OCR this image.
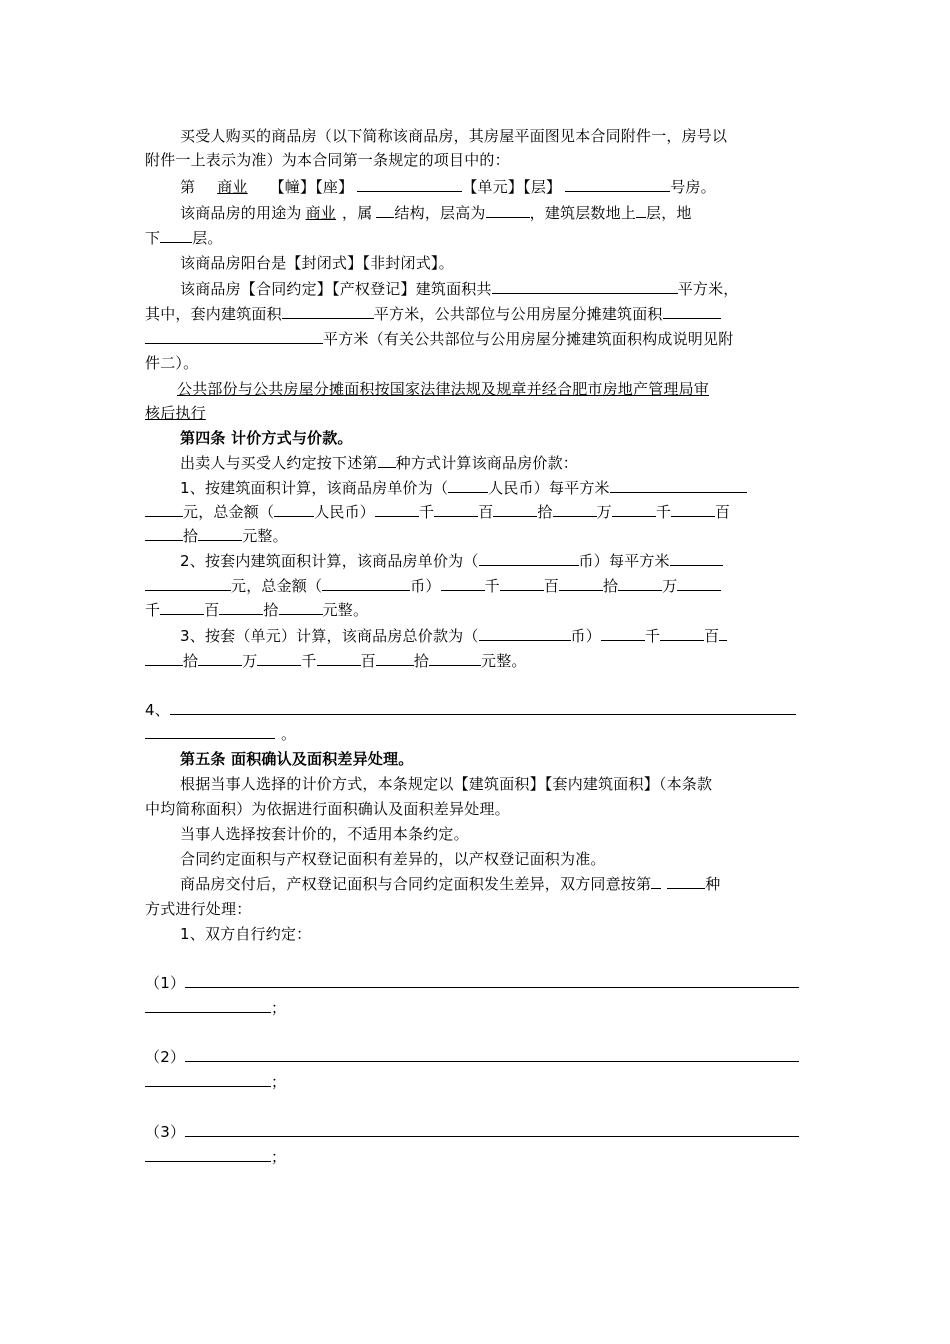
买受人购买的商品房（以下简称该商品房，其房屋平面图见本合同附件一，房号以
附件一上表示为准）为本合同第一条规定的项目中的：
第 商业 【幢】【座】	【单元】【层】	号房。
该商品房的用途为 商业 ，属 结构，层高为	，建筑层数地上 层，地
下 层。
该商品房阳台是【封闭式】【非封闭式】。
该商品房【合同约定】【产权登记】建筑面积共	平方米，
其中，套内建筑面积	平方米，公共部位与公用房屋分摊建筑面积
平方米（有关公共部位与公用房屋分摊建筑面积构成说明见附
件二）。
公共部份与公共房屋分摊面积按国家法律法规及规章并经合肥市房地产管理局审
核后执行
第四条 计价方式与价款。
出卖人与买受人约定按下述第 种方式计算该商品房价款：
1、按建筑面积计算，该商品房单价为（	人民币）每平方米
元，总金额（	人民币）	千	百	拾	万	千	百
拾	元整。
2、按套内建筑面积计算，该商品房单价为（	币）每平方米
元，总金额（	币）	千	百	拾	万
千	百	拾	元整。
3、按套（单元）计算，该商品房总价款为（	币）	千	百
拾	万	千	百	拾	元整。
4、
。
第五条 面积确认及面积差异处理。
根据当事人选择的计价方式，本条规定以【建筑面积】【套内建筑面积】（本条款
中均简称面积）为依据进行面积确认及面积差异处理。
当事人选择按套计价的，不适用本条约定。
合同约定面积与产权登记面积有差异的，以产权登记面积为准。
商品房交付后，产权登记面积与合同约定面积发生差异，双方同意按第	种
方式进行处理：
1、双方自行约定：
（1）
；
（2）
；
（3）
；
